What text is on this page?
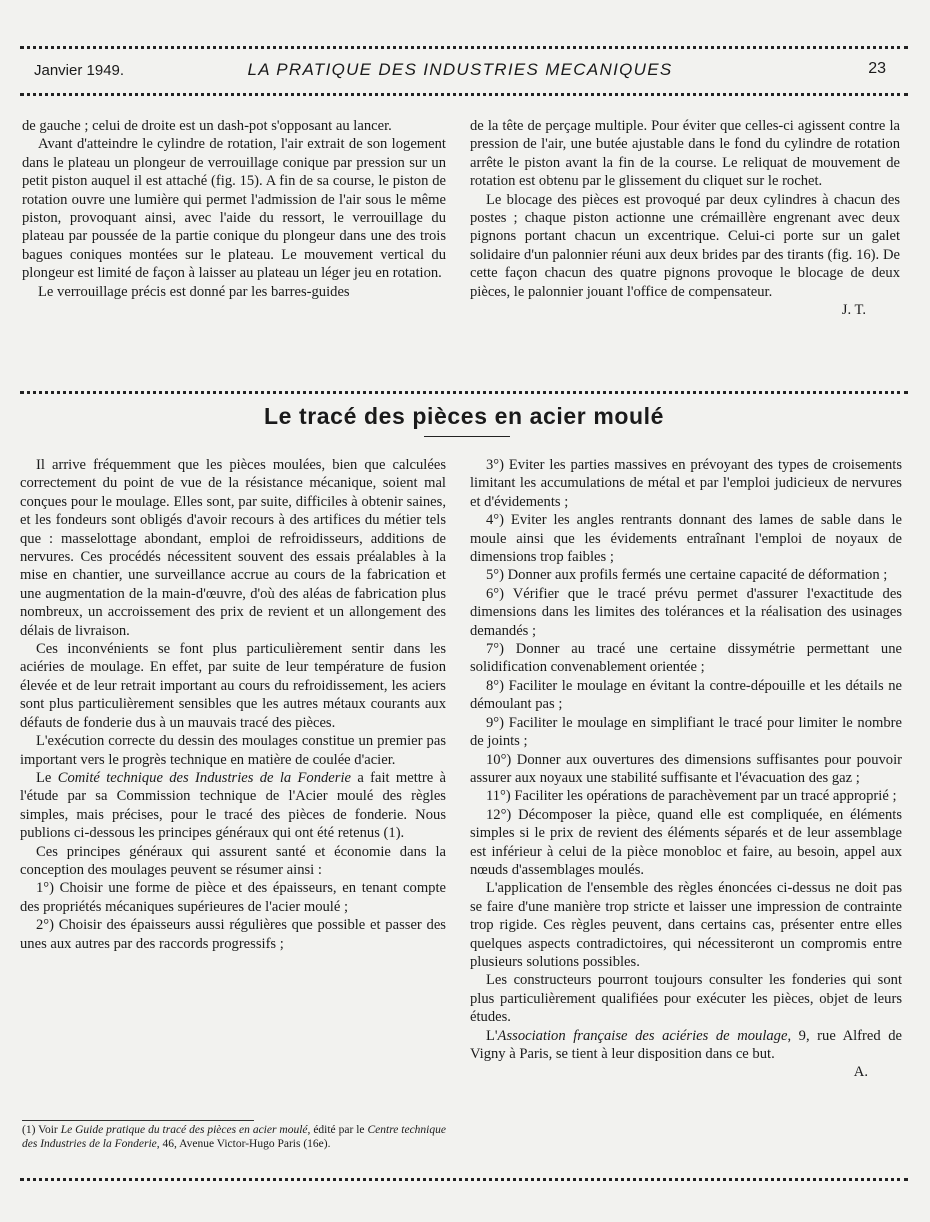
Janvier 1949.	LA PRATIQUE DES INDUSTRIES MECANIQUES	23

de gauche ; celui de droite est un dash-pot s'opposant au lancer.

Avant d'atteindre le cylindre de rotation, l'air extrait de son logement dans le plateau un plongeur de verrouillage conique par pression sur un petit piston auquel il est attaché (fig. 15). A fin de sa course, le piston de rotation ouvre une lumière qui permet l'admission de l'air sous le même piston, provoquant ainsi, avec l'aide du ressort, le verrouillage du plateau par poussée de la partie conique du plongeur dans une des trois bagues coniques montées sur le plateau. Le mouvement vertical du plongeur est limité de façon à laisser au plateau un léger jeu en rotation.

Le verrouillage précis est donné par les barres-guides

de la tête de perçage multiple. Pour éviter que celles-ci agissent contre la pression de l'air, une butée ajustable dans le fond du cylindre de rotation arrête le piston avant la fin de la course. Le reliquat de mouvement de rotation est obtenu par le glissement du cliquet sur le rochet.

Le blocage des pièces est provoqué par deux cylindres à chacun des postes ; chaque piston actionne une crémaillère engrenant avec deux pignons portant chacun un excentrique. Celui-ci porte sur un galet solidaire d'un palonnier réuni aux deux brides par des tirants (fig. 16). De cette façon chacun des quatre pignons provoque le blocage de deux pièces, le palonnier jouant l'office de compensateur.

J. T.

Le tracé des pièces en acier moulé

Il arrive fréquemment que les pièces moulées, bien que calculées correctement du point de vue de la résistance mécanique, soient mal conçues pour le moulage. Elles sont, par suite, difficiles à obtenir saines, et les fondeurs sont obligés d'avoir recours à des artifices du métier tels que : masselottage abondant, emploi de refroidisseurs, additions de nervures. Ces procédés nécessitent souvent des essais préalables à la mise en chantier, une surveillance accrue au cours de la fabrication et une augmentation de la main-d'œuvre, d'où des aléas de fabrication plus nombreux, un accroissement des prix de revient et un allongement des délais de livraison.

Ces inconvénients se font plus particulièrement sentir dans les aciéries de moulage. En effet, par suite de leur température de fusion élevée et de leur retrait important au cours du refroidissement, les aciers sont plus particulièrement sensibles que les autres métaux courants aux défauts de fonderie dus à un mauvais tracé des pièces.

L'exécution correcte du dessin des moulages constitue un premier pas important vers le progrès technique en matière de coulée d'acier.

Le Comité technique des Industries de la Fonderie a fait mettre à l'étude par sa Commission technique de l'Acier moulé des règles simples, mais précises, pour le tracé des pièces de fonderie. Nous publions ci-dessous les principes généraux qui ont été retenus (1).

Ces principes généraux qui assurent santé et économie dans la conception des moulages peuvent se résumer ainsi :

1°) Choisir une forme de pièce et des épaisseurs, en tenant compte des propriétés mécaniques supérieures de l'acier moulé ;

2°) Choisir des épaisseurs aussi régulières que possible et passer des unes aux autres par des raccords progressifs ;

(1) Voir Le Guide pratique du tracé des pièces en acier moulé, édité par le Centre technique des Industries de la Fonderie, 46, Avenue Victor-Hugo Paris (16e).

3°) Eviter les parties massives en prévoyant des types de croisements limitant les accumulations de métal et par l'emploi judicieux de nervures et d'évidements ;

4°) Eviter les angles rentrants donnant des lames de sable dans le moule ainsi que les évidements entraînant l'emploi de noyaux de dimensions trop faibles ;

5°) Donner aux profils fermés une certaine capacité de déformation ;

6°) Vérifier que le tracé prévu permet d'assurer l'exactitude des dimensions dans les limites des tolérances et la réalisation des usinages demandés ;

7°) Donner au tracé une certaine dissymétrie permettant une solidification convenablement orientée ;

8°) Faciliter le moulage en évitant la contre-dépouille et les détails ne démoulant pas ;

9°) Faciliter le moulage en simplifiant le tracé pour limiter le nombre de joints ;

10°) Donner aux ouvertures des dimensions suffisantes pour pouvoir assurer aux noyaux une stabilité suffisante et l'évacuation des gaz ;

11°) Faciliter les opérations de parachèvement par un tracé approprié ;

12°) Décomposer la pièce, quand elle est compliquée, en éléments simples si le prix de revient des éléments séparés et de leur assemblage est inférieur à celui de la pièce monobloc et faire, au besoin, appel aux nœuds d'assemblages moulés.

L'application de l'ensemble des règles énoncées ci-dessus ne doit pas se faire d'une manière trop stricte et laisser une impression de contrainte trop rigide. Ces règles peuvent, dans certains cas, présenter entre elles quelques aspects contradictoires, qui nécessiteront un compromis entre plusieurs solutions possibles.

Les constructeurs pourront toujours consulter les fonderies qui sont plus particulièrement qualifiées pour exécuter les pièces, objet de leurs études.

L'Association française des aciéries de moulage, 9, rue Alfred de Vigny à Paris, se tient à leur disposition dans ce but.

A.
